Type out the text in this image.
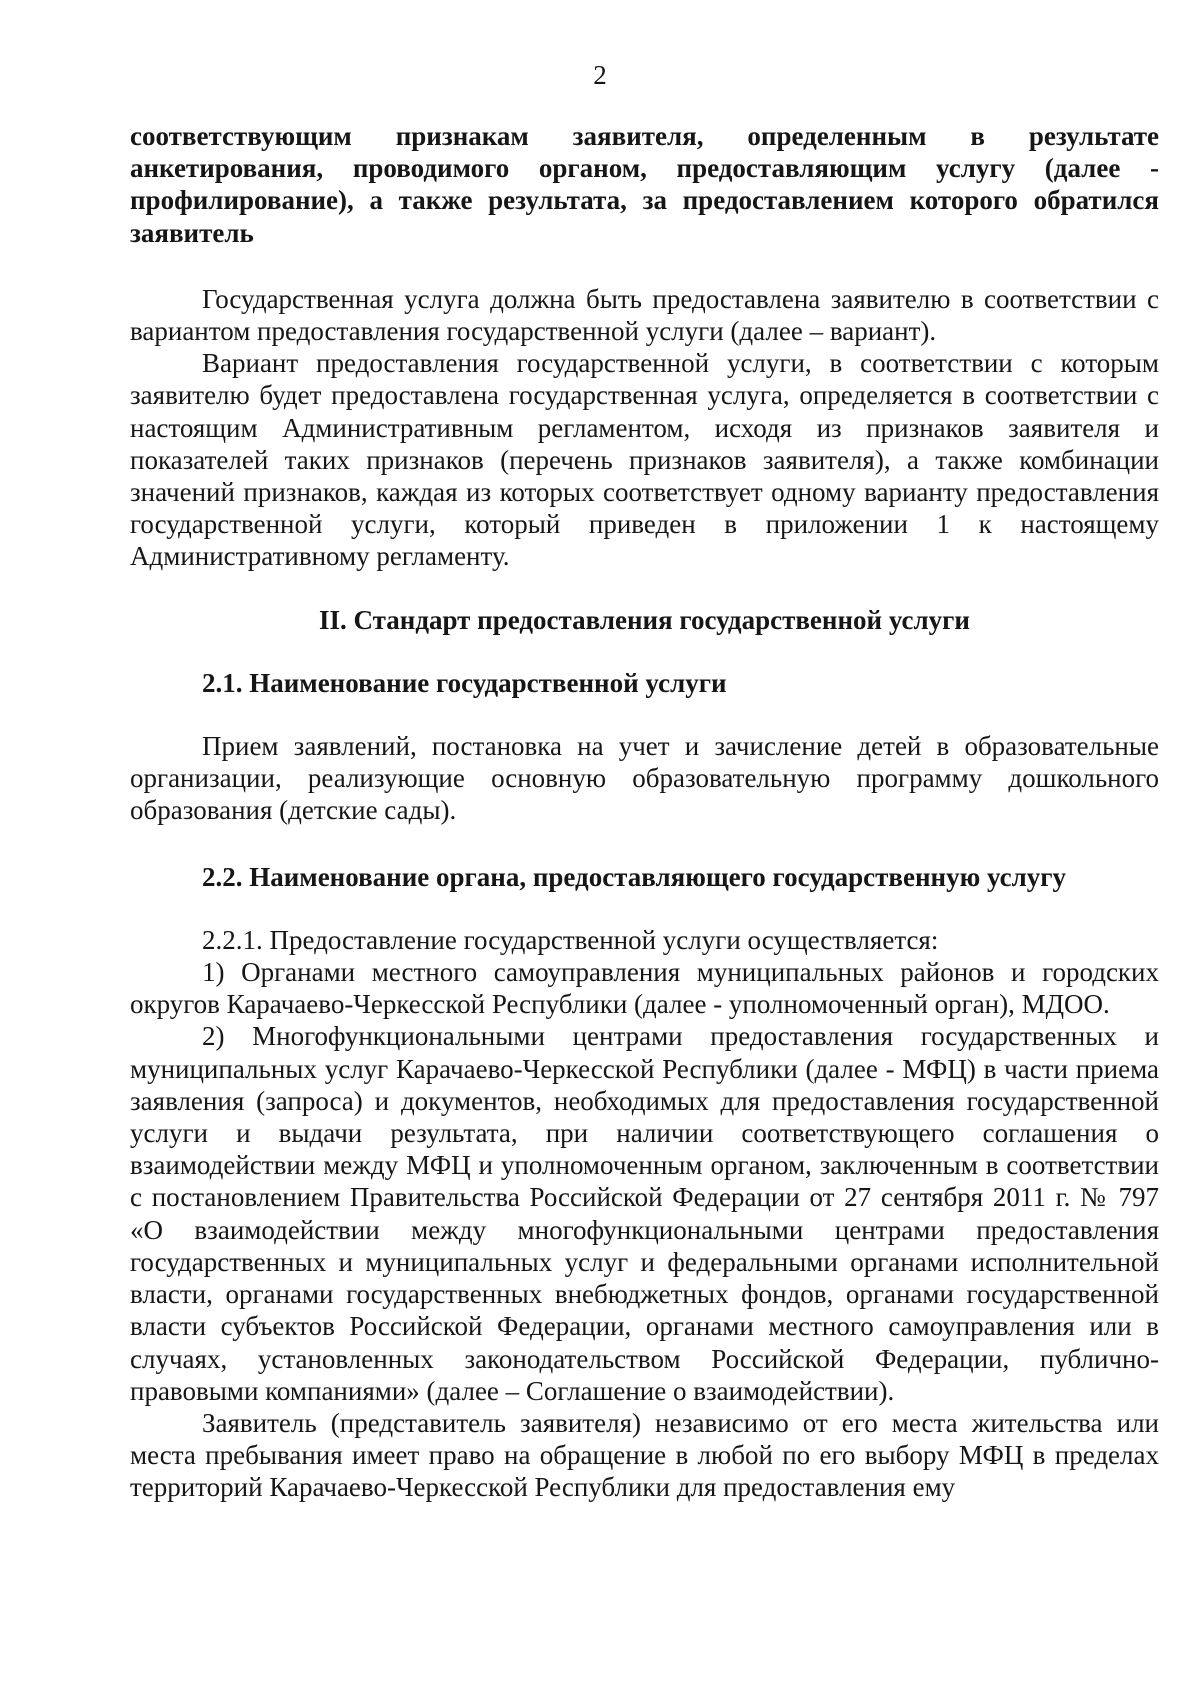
2

соответствующим признакам заявителя, определенным в результате анкетирования, проводимого органом, предоставляющим услугу (далее - профилирование), а также результата, за предоставлением которого обратился заявитель

Государственная услуга должна быть предоставлена заявителю в соответствии с вариантом предоставления государственной услуги (далее – вариант).

Вариант предоставления государственной услуги, в соответствии с которым заявителю будет предоставлена государственная услуга, определяется в соответствии с настоящим Административным регламентом, исходя из признаков заявителя и показателей таких признаков (перечень признаков заявителя), а также комбинации значений признаков, каждая из которых соответствует одному варианту предоставления государственной услуги, который приведен в приложении 1 к настоящему Административному регламенту.

II. Стандарт предоставления государственной услуги

2.1. Наименование государственной услуги

Прием заявлений, постановка на учет и зачисление детей в образовательные организации, реализующие основную образовательную программу дошкольного образования (детские сады).

2.2. Наименование органа, предоставляющего государственную услугу

2.2.1. Предоставление государственной услуги осуществляется:

1) Органами местного самоуправления муниципальных районов и городских округов Карачаево-Черкесской Республики (далее - уполномоченный орган), МДОО.

2) Многофункциональными центрами предоставления государственных и муниципальных услуг Карачаево-Черкесской Республики (далее - МФЦ) в части приема заявления (запроса) и документов, необходимых для предоставления государственной услуги и выдачи результата, при наличии соответствующего соглашения о взаимодействии между МФЦ и уполномоченным органом, заключенным в соответствии с постановлением Правительства Российской Федерации от 27 сентября 2011 г. № 797 «О взаимодействии между многофункциональными центрами предоставления государственных и муниципальных услуг и федеральными органами исполнительной власти, органами государственных внебюджетных фондов, органами государственной власти субъектов Российской Федерации, органами местного самоуправления или в случаях, установленных законодательством Российской Федерации, публично-правовыми компаниями» (далее – Соглашение о взаимодействии).

Заявитель (представитель заявителя) независимо от его места жительства или места пребывания имеет право на обращение в любой по его выбору МФЦ в пределах территорий Карачаево-Черкесской Республики для предоставления ему
